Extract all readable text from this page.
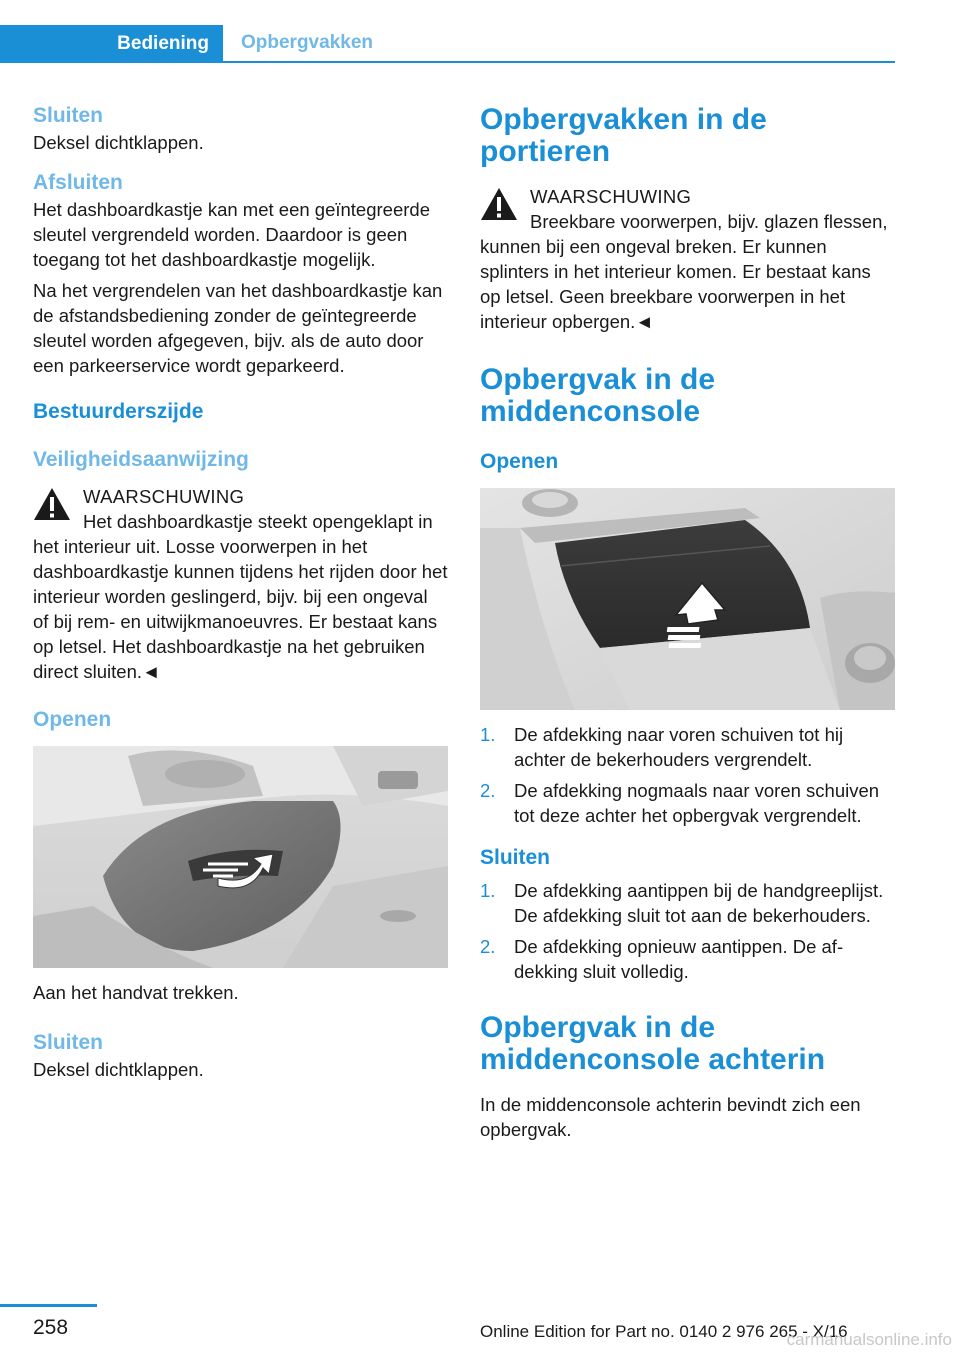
Bediening	Opbergvakken
Sluiten

Deksel dichtklappen.

Afsluiten

Het dashboardkastje kan met een geïntegreerde sleutel vergrendeld worden. Daardoor is geen toegang tot het dashboardkastje mogelijk.

Na het vergrendelen van het dashboardkastje kan de afstandsbediening zonder de geïntegreerde sleutel worden afgegeven, bijv. als de auto door een parkeerservice wordt geparkeerd.

Bestuurderszijde
Veiligheidsaanwijzing
WAARSCHUWING

Het dashboardkastje steekt opengeklapt in het interieur uit. Losse voorwerpen in het dashboardkastje kunnen tijdens het rijden door het interieur worden geslingerd, bijv. bij een ongeval of bij rem- en uitwijkmanoeuvres. Er bestaat kans op letsel. Het dashboardkastje na het gebruiken direct sluiten.◄

Openen

Aan het handvat trekken.

Sluiten

Deksel dichtklappen.

Opbergvakken in de portieren
WAARSCHUWING

Breekbare voorwerpen, bijv. glazen flessen, kunnen bij een ongeval breken. Er kunnen splinters in het interieur komen. Er bestaat kans op letsel. Geen breekbare voorwerpen in het interieur opbergen.◄

Opbergvak in de middenconsole
Openen
1. De afdekking naar voren schuiven tot hij achter de bekerhouders vergrendelt.
2. De afdekking nogmaals naar voren schuiven tot deze achter het opbergvak vergrendelt.
Sluiten
1. De afdekking aantippen bij de handgreeplijst. De afdekking sluit tot aan de bekerhouders.
2. De afdekking opnieuw aantippen. De afdekking sluit volledig.
Opbergvak in de middenconsole achterin

In de middenconsole achterin bevindt zich een opbergvak.

258	Online Edition for Part no. 0140 2 976 265 - X/16
carmanualsonline.info
